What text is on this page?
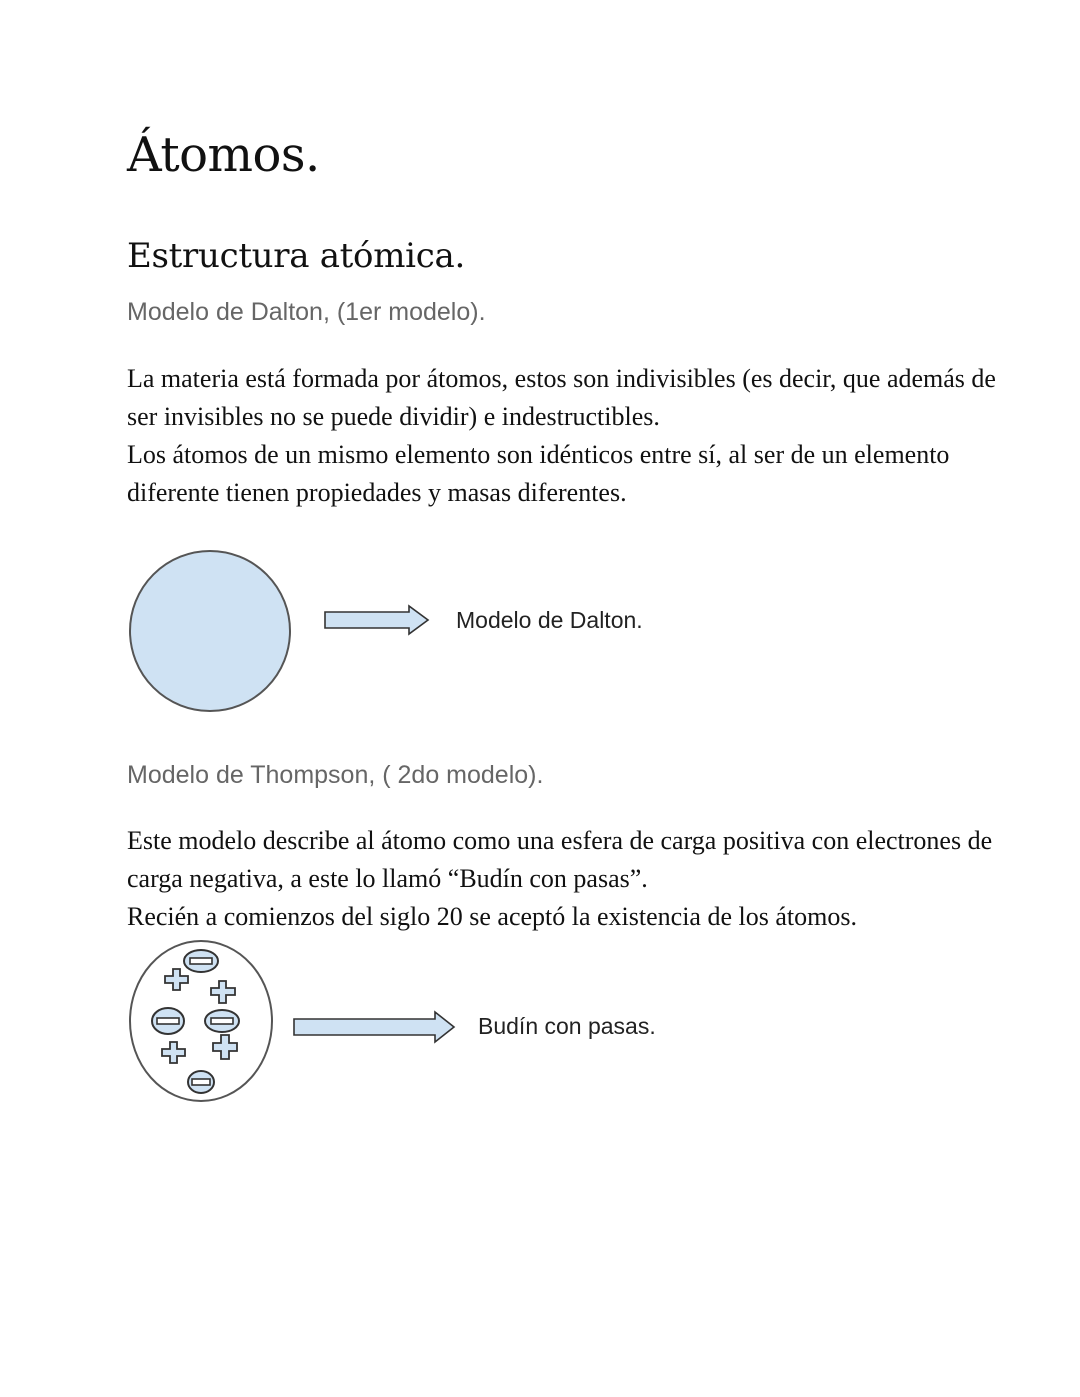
Átomos.
Estructura atómica.
Modelo de Dalton, (1er modelo).

La materia está formada por átomos, estos son indivisibles (es decir, que además de ser invisibles no se puede dividir) e indestructibles.

Los átomos de un mismo elemento son idénticos entre sí, al ser de un elemento diferente tienen propiedades y masas diferentes.

Modelo de Dalton.
Modelo de Thompson, ( 2do modelo).

Este modelo describe al átomo como una esfera de carga positiva con electrones de carga negativa, a este lo llamó “Budín con pasas”.

Recién a comienzos del siglo 20 se aceptó la existencia de los átomos.

Budín con pasas.
